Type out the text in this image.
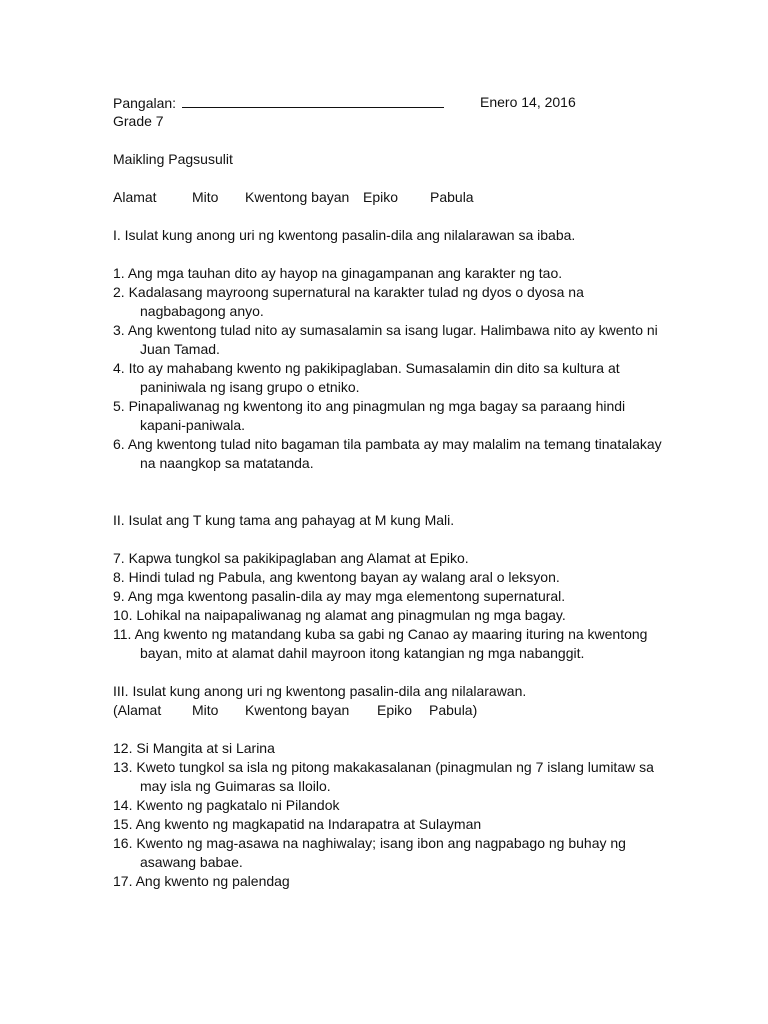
Pangalan:	Enero 14, 2016
Grade 7
Maikling Pagsusulit
Alamat	Mito Kwentong bayan Epiko Pabula
I. Isulat kung anong uri ng kwentong pasalin-dila ang nilalarawan sa ibaba.
1. Ang mga tauhan dito ay hayop na ginagampanan ang karakter ng tao.
2. Kadalasang mayroong supernatural na karakter tulad ng dyos o dyosa na nagbabagong anyo.
3. Ang kwentong tulad nito ay sumasalamin sa isang lugar. Halimbawa nito ay kwento ni Juan Tamad.
4. Ito ay mahabang kwento ng pakikipaglaban. Sumasalamin din dito sa kultura at paniniwala ng isang grupo o etniko.
5. Pinapaliwanag ng kwentong ito ang pinagmulan ng mga bagay sa paraang hindi kapani-paniwala.
6. Ang kwentong tulad nito bagaman tila pambata ay may malalim na temang tinatalakay na naangkop sa matatanda.
II. Isulat ang T kung tama ang pahayag at M kung Mali.
7. Kapwa tungkol sa pakikipaglaban ang Alamat at Epiko.
8. Hindi tulad ng Pabula, ang kwentong bayan ay walang aral o leksyon.
9. Ang mga kwentong pasalin-dila ay may mga elementong supernatural.
10. Lohikal na naipapaliwanag ng alamat ang pinagmulan ng mga bagay.
11. Ang kwento ng matandang kuba sa gabi ng Canao ay maaring ituring na kwentong bayan, mito at alamat dahil mayroon itong katangian ng mga nabanggit.
III. Isulat kung anong uri ng kwentong pasalin-dila ang nilalarawan.
(Alamat Mito Kwentong bayan Epiko Pabula)
12. Si Mangita at si Larina
13. Kweto tungkol sa isla ng pitong makakasalanan (pinagmulan ng 7 islang lumitaw sa may isla ng Guimaras sa Iloilo.
14. Kwento ng pagkatalo ni Pilandok
15. Ang kwento ng magkapatid na Indarapatra at Sulayman
16. Kwento ng mag-asawa na naghiwalay; isang ibon ang nagpabago ng buhay ng asawang babae.
17. Ang kwento ng palendag
